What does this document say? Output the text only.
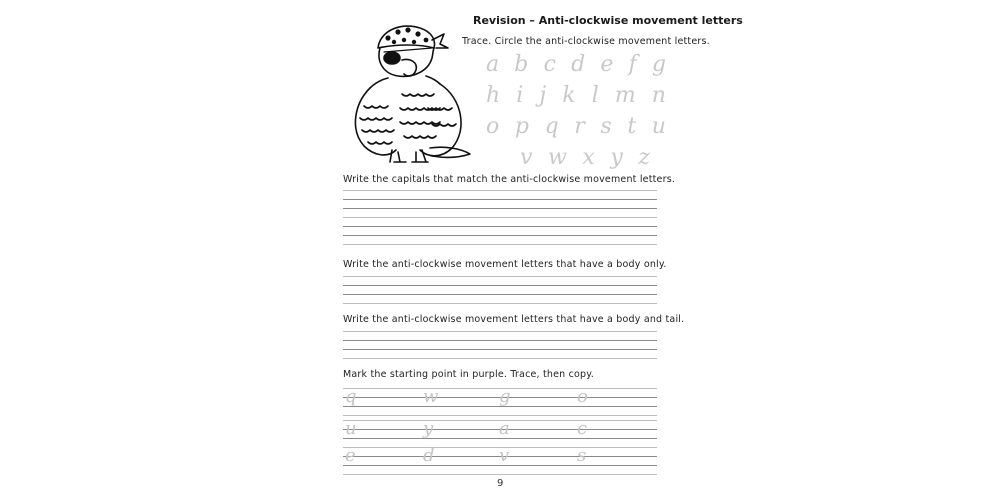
Revision – Anti-clockwise movement letters
Trace. Circle the anti-clockwise movement letters.
a b c d e f g
h i j k l m n
o p q r s t u
v w x y z
Write the capitals that match the anti-clockwise movement letters.
Write the anti-clockwise movement letters that have a body only.
Write the anti-clockwise movement letters that have a body and tail.
Mark the starting point in purple. Trace, then copy.
q	w	g	o
u	y	a	c
e	d	v	s
9
